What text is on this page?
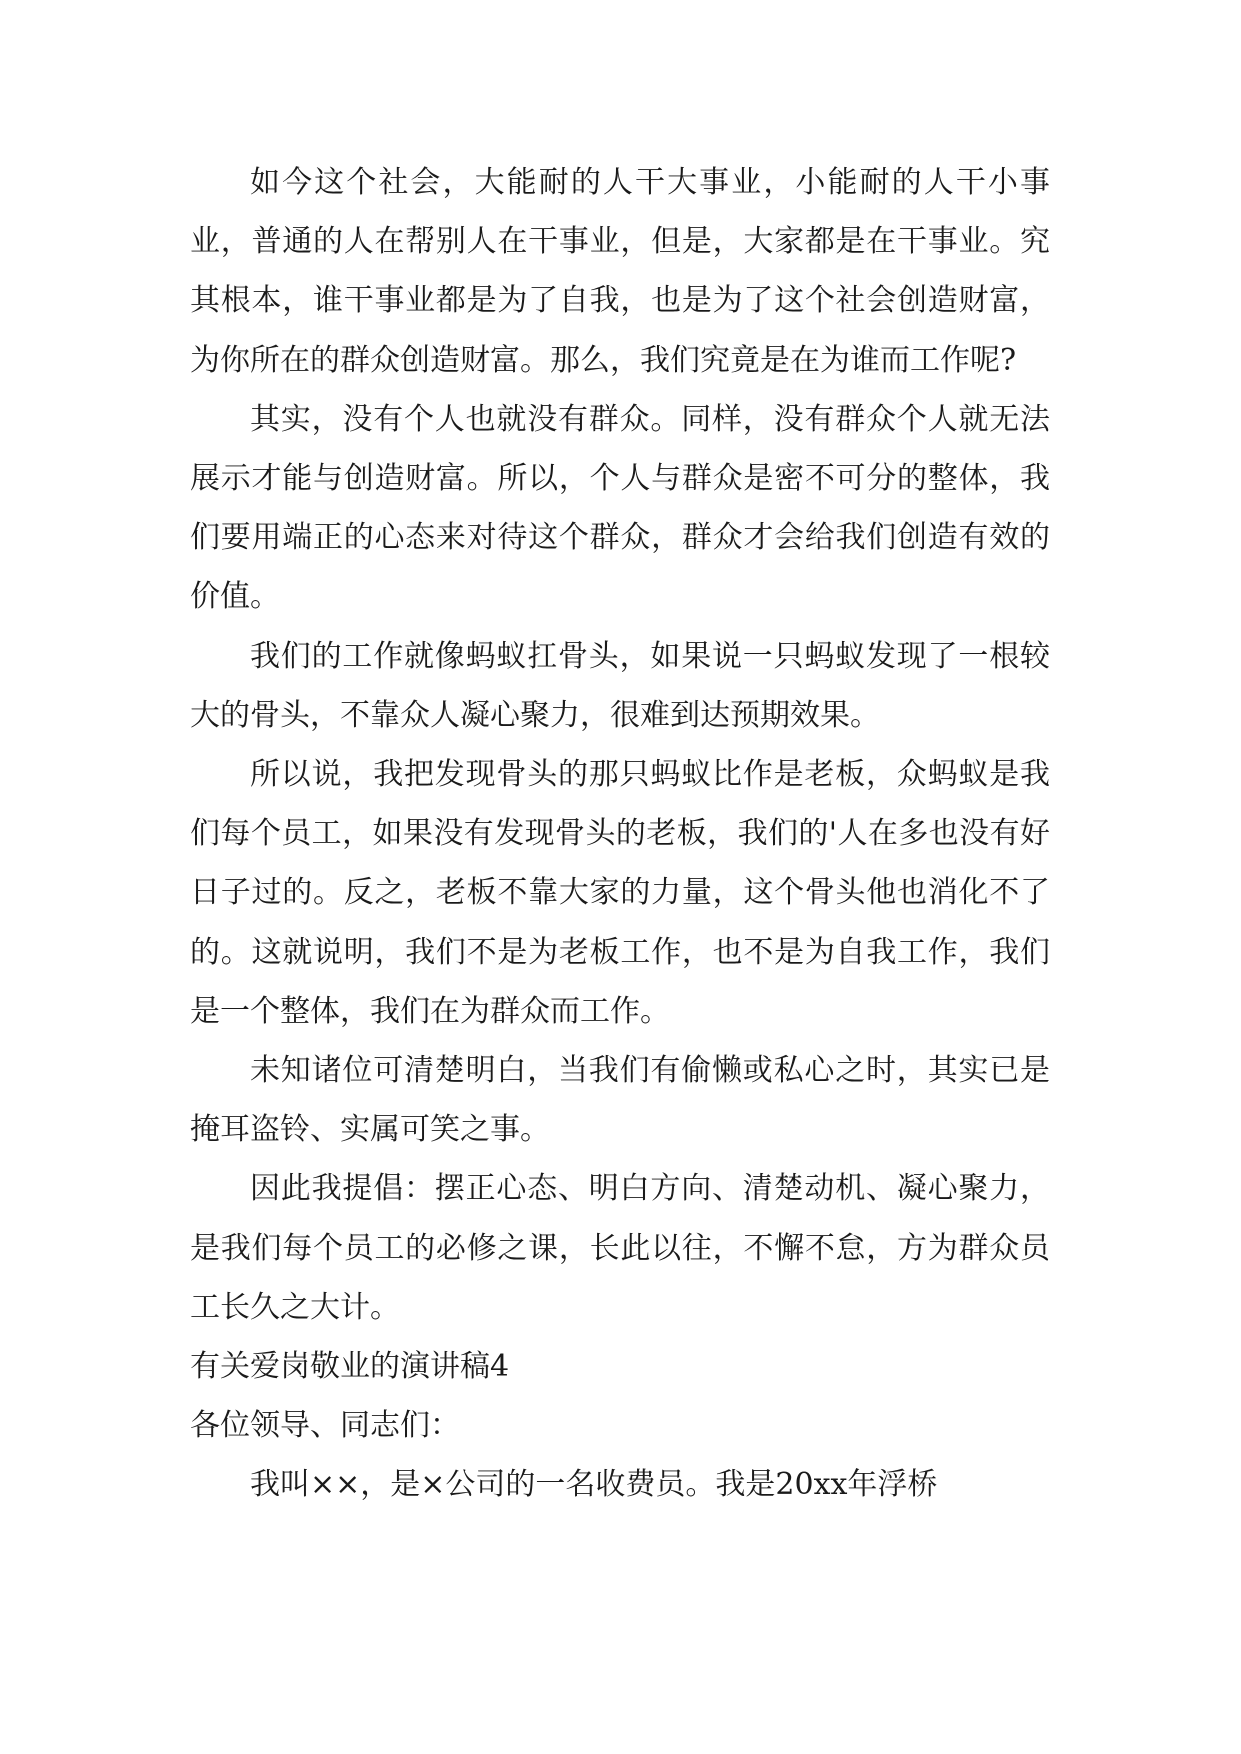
如今这个社会，大能耐的人干大事业，小能耐的人干小事业，普通的人在帮别人在干事业，但是，大家都是在干事业。究其根本，谁干事业都是为了自我，也是为了这个社会创造财富，为你所在的群众创造财富。那么，我们究竟是在为谁而工作呢?

其实，没有个人也就没有群众。同样，没有群众个人就无法展示才能与创造财富。所以，个人与群众是密不可分的整体，我们要用端正的心态来对待这个群众，群众才会给我们创造有效的价值。

我们的工作就像蚂蚁扛骨头，如果说一只蚂蚁发现了一根较大的骨头，不靠众人凝心聚力，很难到达预期效果。

所以说，我把发现骨头的那只蚂蚁比作是老板，众蚂蚁是我们每个员工，如果没有发现骨头的老板，我们的'人在多也没有好日子过的。反之，老板不靠大家的力量，这个骨头他也消化不了的。这就说明，我们不是为老板工作，也不是为自我工作，我们是一个整体，我们在为群众而工作。

未知诸位可清楚明白，当我们有偷懒或私心之时，其实已是掩耳盗铃、实属可笑之事。

因此我提倡：摆正心态、明白方向、清楚动机、凝心聚力，是我们每个员工的必修之课，长此以往，不懈不怠，方为群众员工长久之大计。

有关爱岗敬业的演讲稿4

各位领导、同志们：

我叫××，是×公司的一名收费员。我是20xx年浮桥
